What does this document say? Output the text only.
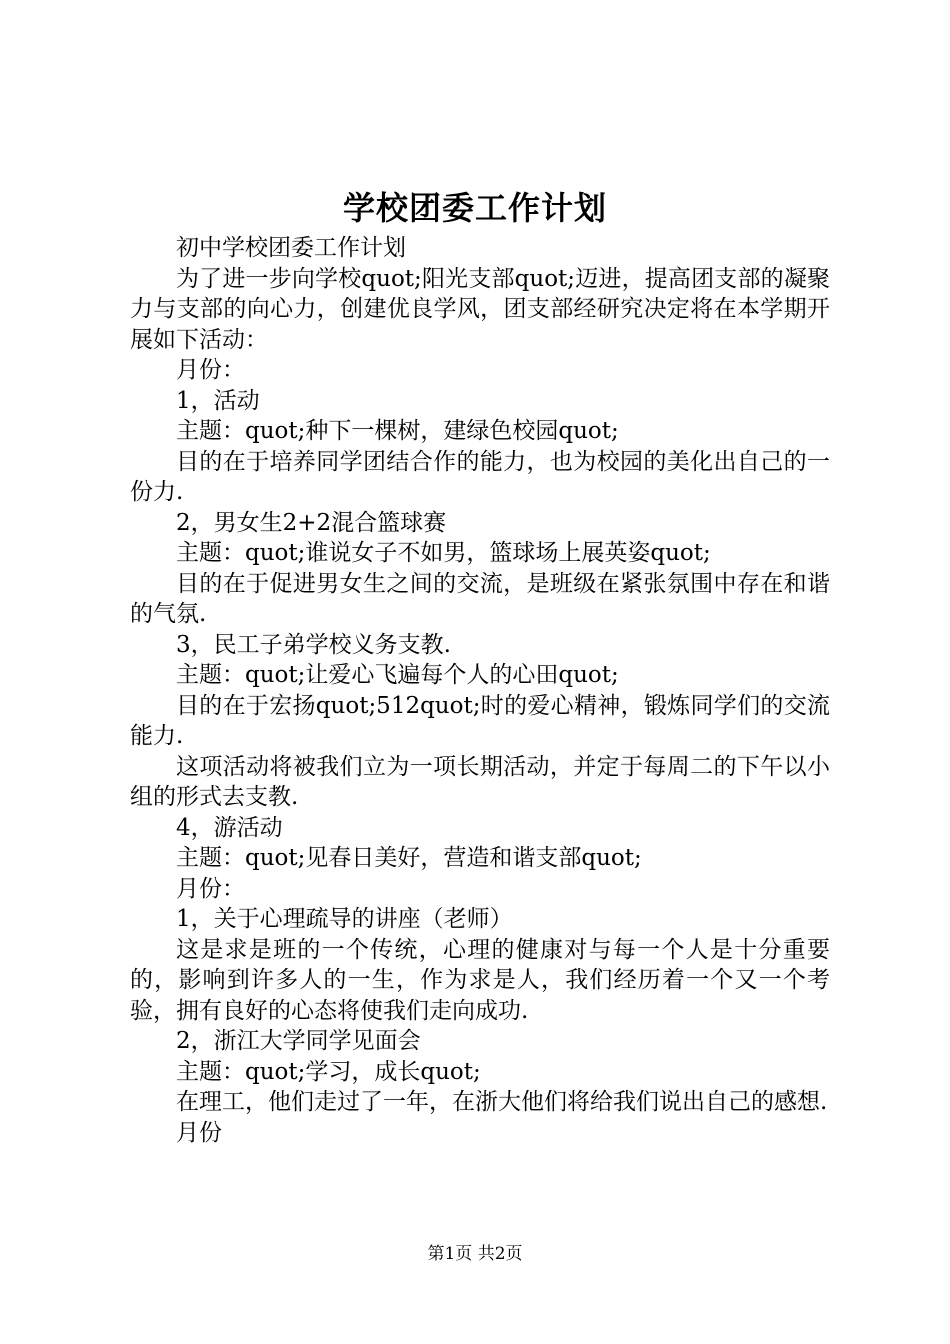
学校团委工作计划

初中学校团委工作计划

为了进一步向学校quot;阳光支部quot;迈进，提高团支部的凝聚力与支部的向心力，创建优良学风，团支部经研究决定将在本学期开展如下活动：

月份：

1，活动

主题：quot;种下一棵树，建绿色校园quot;

目的在于培养同学团结合作的能力，也为校园的美化出自己的一份力.

2，男女生2+2混合篮球赛

主题：quot;谁说女子不如男，篮球场上展英姿quot;

目的在于促进男女生之间的交流，是班级在紧张氛围中存在和谐的气氛.

3，民工子弟学校义务支教.

主题：quot;让爱心飞遍每个人的心田quot;

目的在于宏扬quot;512quot;时的爱心精神，锻炼同学们的交流能力.

这项活动将被我们立为一项长期活动，并定于每周二的下午以小组的形式去支教.

4，游活动

主题：quot;见春日美好，营造和谐支部quot;

月份：

1，关于心理疏导的讲座（老师）

这是求是班的一个传统，心理的健康对与每一个人是十分重要的，影响到许多人的一生，作为求是人，我们经历着一个又一个考验，拥有良好的心态将使我们走向成功.

2，浙江大学同学见面会

主题：quot;学习，成长quot;

在理工，他们走过了一年，在浙大他们将给我们说出自己的感想.

月份

第1页 共2页
